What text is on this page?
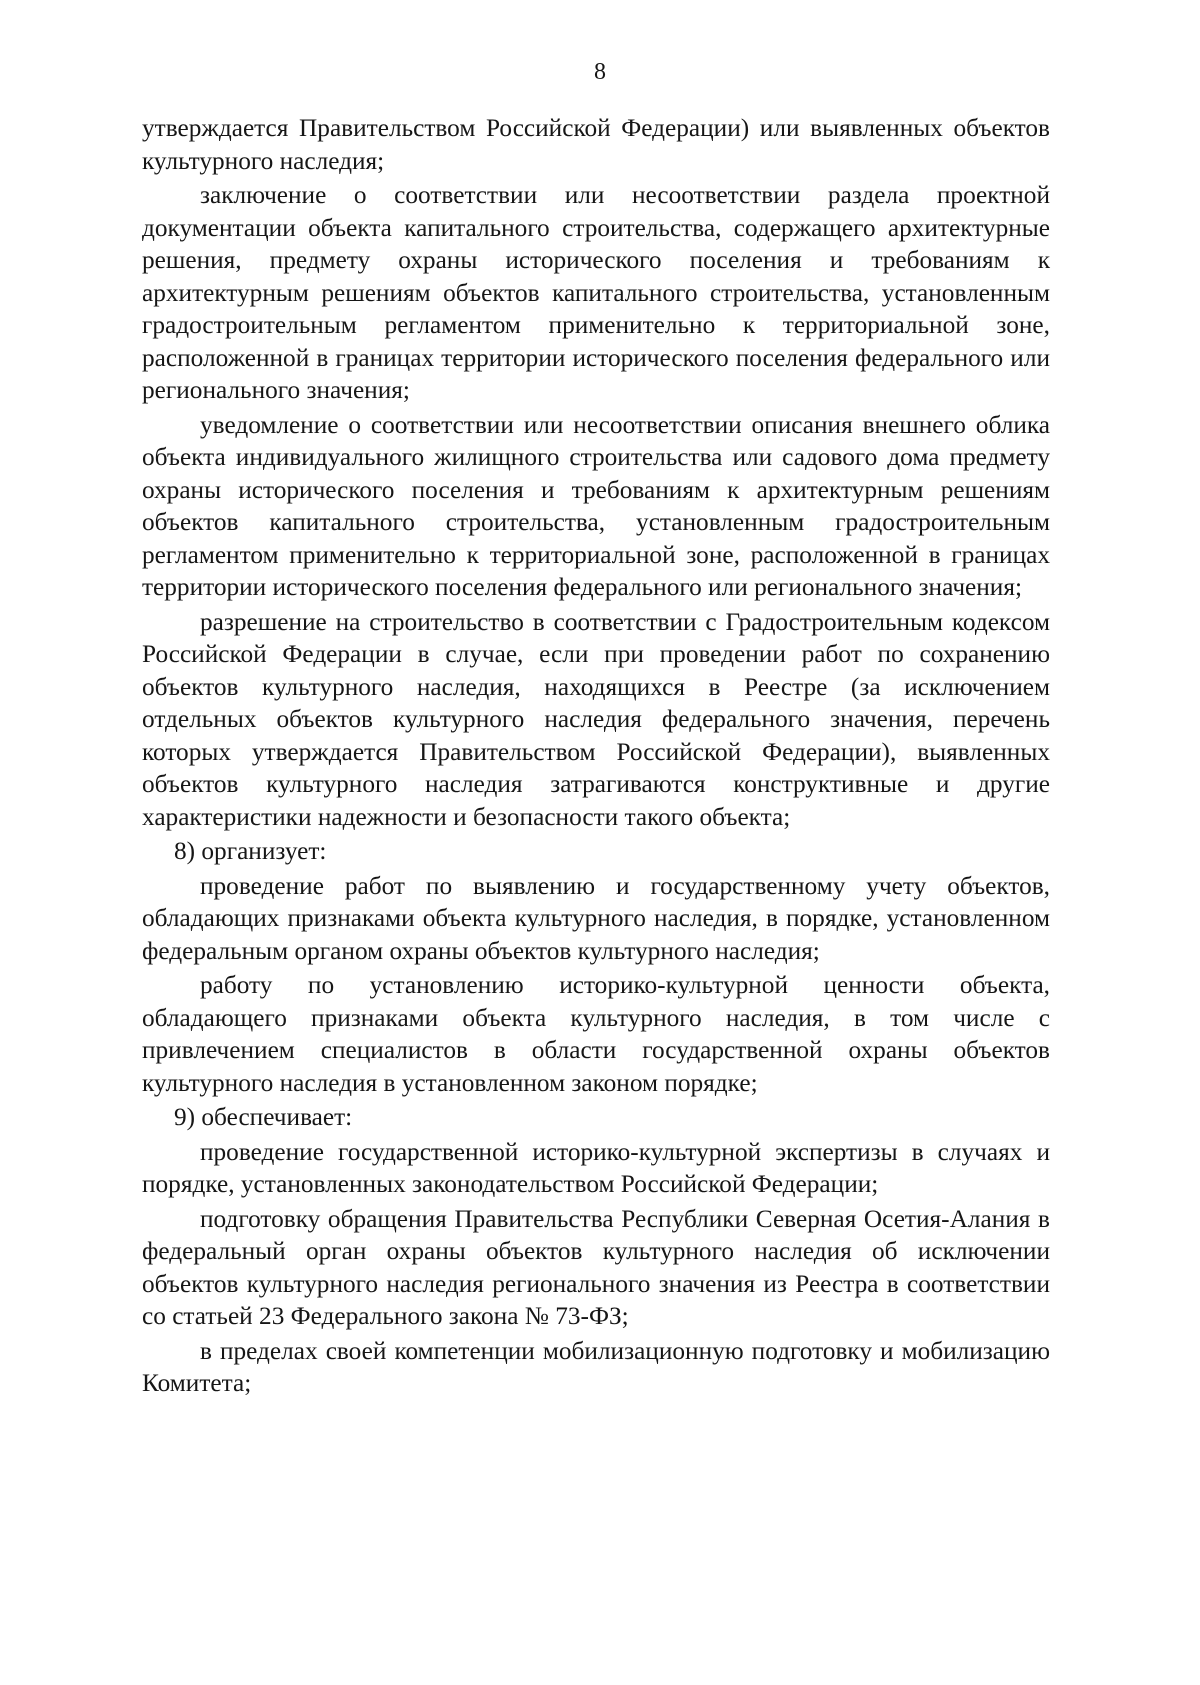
8

утверждается Правительством Российской Федерации) или выявленных объектов культурного наследия;

заключение о соответствии или несоответствии раздела проектной документации объекта капитального строительства, содержащего архитектурные решения, предмету охраны исторического поселения и требованиям к архитектурным решениям объектов капитального строительства, установленным градостроительным регламентом применительно к территориальной зоне, расположенной в границах территории исторического поселения федерального или регионального значения;

уведомление о соответствии или несоответствии описания внешнего облика объекта индивидуального жилищного строительства или садового дома предмету охраны исторического поселения и требованиям к архитектурным решениям объектов капитального строительства, установленным градостроительным регламентом применительно к территориальной зоне, расположенной в границах территории исторического поселения федерального или регионального значения;

разрешение на строительство в соответствии с Градостроительным кодексом Российской Федерации в случае, если при проведении работ по сохранению объектов культурного наследия, находящихся в Реестре (за исключением отдельных объектов культурного наследия федерального значения, перечень которых утверждается Правительством Российской Федерации), выявленных объектов культурного наследия затрагиваются конструктивные и другие характеристики надежности и безопасности такого объекта;

8) организует:

проведение работ по выявлению и государственному учету объектов, обладающих признаками объекта культурного наследия, в порядке, установленном федеральным органом охраны объектов культурного наследия;

работу по установлению историко-культурной ценности объекта, обладающего признаками объекта культурного наследия, в том числе с привлечением специалистов в области государственной охраны объектов культурного наследия в установленном законом порядке;

9) обеспечивает:

проведение государственной историко-культурной экспертизы в случаях и порядке, установленных законодательством Российской Федерации;

подготовку обращения Правительства Республики Северная Осетия-Алания в федеральный орган охраны объектов культурного наследия об исключении объектов культурного наследия регионального значения из Реестра в соответствии со статьей 23 Федерального закона № 73-ФЗ;

в пределах своей компетенции мобилизационную подготовку и мобилизацию Комитета;
